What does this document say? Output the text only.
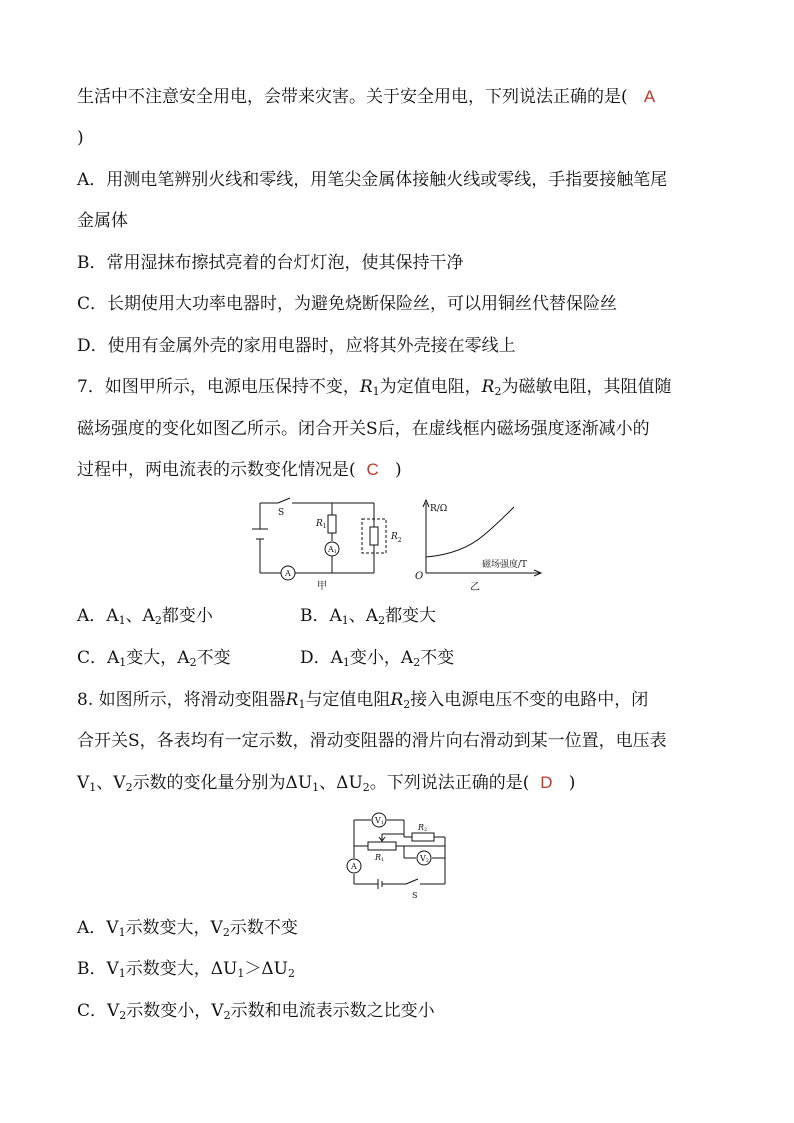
生活中不注意安全用电，会带来灾害。关于安全用电，下列说法正确的是( A
)
A．用测电笔辨别火线和零线，用笔尖金属体接触火线或零线，手指要接触笔尾
金属体
B．常用湿抹布擦拭亮着的台灯灯泡，使其保持干净
C．长期使用大功率电器时，为避免烧断保险丝，可以用铜丝代替保险丝
D．使用有金属外壳的家用电器时，应将其外壳接在零线上
7．如图甲所示，电源电压保持不变，$R_1$为定值电阻，$R_2$为磁敏电阻，其阻值随
磁场强度的变化如图乙所示。闭合开关S后，在虚线框内磁场强度逐渐减小的
过程中，两电流表的示数变化情况是( C )
S
$R_1$
A1
A
甲
$R_2$
R/Ω
磁场强度/T
O
乙
A．$A_1$、$A_2$都变小	B．$A_1$、$A_2$都变大
C．$A_1$变大，$A_2$不变	D．$A_1$变小，$A_2$不变
8. 如图所示，将滑动变阻器$R_1$与定值电阻$R_2$接入电源电压不变的电路中，闭
合开关S，各表均有一定示数，滑动变阻器的滑片向右滑动到某一位置，电压表
$V_1$、$V_2$示数的变化量分别为$\Delta U_1$、$\Delta U_2$。下列说法正确的是( D )
V1
V2
A
R1
R2
S
A．$V_1$示数变大，$V_2$示数不变
B．$V_1$示数变大，$\Delta U_1>\Delta U_2$
C．$V_2$示数变小，$V_2$示数和电流表示数之比变小
